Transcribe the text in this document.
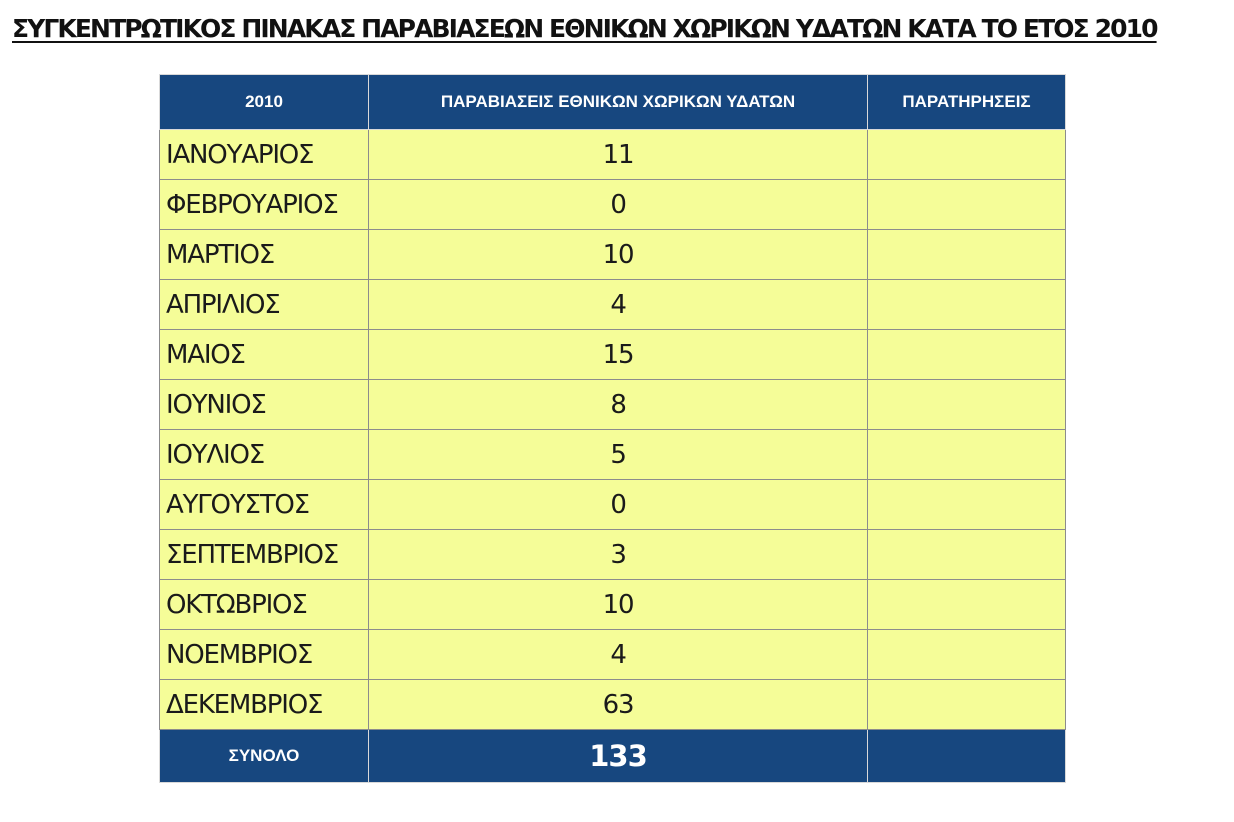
ΣΥΓΚΕΝΤΡΩΤΙΚΟΣ ΠΙΝΑΚΑΣ ΠΑΡΑΒΙΑΣΕΩΝ ΕΘΝΙΚΩΝ ΧΩΡΙΚΩΝ ΥΔΑΤΩΝ ΚΑΤΑ ΤΟ ΕΤΟΣ 2010
2010	ΠΑΡΑΒΙΑΣΕΙΣ ΕΘΝΙΚΩΝ ΧΩΡΙΚΩΝ ΥΔΑΤΩΝ	ΠΑΡΑΤΗΡΗΣΕΙΣ
ΙΑΝΟΥΑΡΙΟΣ	11	
ΦΕΒΡΟΥΑΡΙΟΣ	0	
ΜΑΡΤΙΟΣ	10	
ΑΠΡΙΛΙΟΣ	4	
ΜΑΙΟΣ	15	
ΙΟΥΝΙΟΣ	8	
ΙΟΥΛΙΟΣ	5	
ΑΥΓΟΥΣΤΟΣ	0	
ΣΕΠΤΕΜΒΡΙΟΣ	3	
ΟΚΤΩΒΡΙΟΣ	10	
ΝΟΕΜΒΡΙΟΣ	4	
ΔΕΚΕΜΒΡΙΟΣ	63	
ΣΥΝΟΛΟ	133	
